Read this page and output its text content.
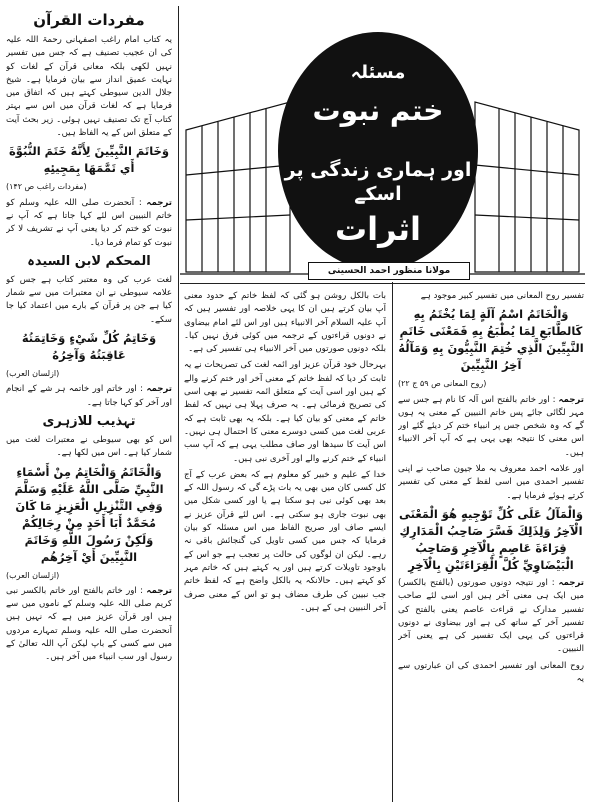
مفردات القرآن

یہ کتاب امام راغب اصفہانی رحمۃ اللہ علیہ کی ان عجیب تصنیف ہے کہ جس میں تفسیر نہیں لکھی بلکہ معانی قرآن کے لغات کو نہایت عمیق انداز سے بیان فرمایا ہے۔ شیخ جلال الدین سیوطی کہتے ہیں کہ اتفاق میں فرمایا ہے کہ لغات قرآن میں اس سے بہتر کتاب آج تک تصنیف نہیں ہوئی۔ زیر بحث آیت کے متعلق اس کے یہ الفاظ ہیں۔

وَخَاتَمَ النَّبِيِّينَ لِأَنَّهُ خَتَمَ النُّبُوَّةَ أَي تَمَّمَهَا بِمَجِيئِهِ
(مفردات راغب ص ۱۴۲)

ترجمہ : آنحضرت صلی اللہ علیہ وسلم کو خاتم النبیین اس لئے کہا جاتا ہے کہ آپ نے نبوت کو ختم کر دیا یعنی آپ نے تشریف لا کر نبوت کو تمام فرما دیا۔

المحکم لابن السیدہ

لغت عرب کی وہ معتبر کتاب ہے جس کو علامہ سیوطی نے ان معتبرات میں سے شمار کیا ہے جن پر قرآن کے بارے میں اعتماد کیا جا سکے۔

وَخَاتِمُ كُلِّ شَيْءٍ وَخَاتِمَتُهُ عَاقِبَتُهُ وَآخِرُهُ
(ازلسان العرب)

ترجمہ : اور خاتم اور خاتمہ ہر شے کے انجام اور آخر کو کہا جاتا ہے۔

تہذیب للازہری

اس کو بھی سیوطی نے معتبرات لغت میں شمار کیا ہے۔ اس میں لکھا ہے۔

وَالْخَاتَمُ وَالْخَاتِمُ مِنْ أَسْمَاءِ النَّبِيِّ صَلَّى اللَّهُ عَلَيْهِ وَسَلَّمَ وَفِي التَّنْزِيلِ الْعَزِيزِ مَا كَانَ مُحَمَّدٌ أَبَا أَحَدٍ مِنْ رِجَالِكُمْ وَلَكِنْ رَسُولَ اللَّهِ وَخَاتَمَ النَّبِيِّينَ أَيْ آخِرُهُم
(ازلسان العرب)

ترجمہ : اور خاتم بالفتح اور خاتم بالکسر نبی کریم صلی اللہ علیہ وسلم کے ناموں میں سے ہیں اور قرآن عزیز میں ہے کہ نہیں ہیں آنحضرت صلی اللہ علیہ وسلم تمہارے مردوں میں سے کسی کے باپ لیکن آپ اللہ تعالیٰ کے رسول اور سب انبیاء میں آخر ہیں۔

مسئلہ
ختم نبوت
اور ہماری زندگی پر اسکے
اثرات
مولانا منظور احمد الحسینی

بات بالکل روشن ہو گئی کہ لفظ خاتم کے حدود معنی آپ بیان کرتے ہیں ان کا یہی خلاصہ اور تفسیر ہیں کہ آپ علیہ السلام آخر الانبیاء ہیں اور اس لئے امام بیضاوی نے دونوں قراءتوں کے ترجمہ میں کوئی فرق نہیں کیا۔ بلکہ دونوں صورتوں میں آخر الانبیاء ہی تفسیر کی ہے۔

بہرحال خود قرآن عزیز اور ائمہ لغت کی تصریحات نے یہ ثابت کر دیا کہ لفظ خاتم کے معنی آخر اور ختم کرنے والے کے ہیں اور اسی آیت کے متعلق ائمہ تفسیر نے بھی اسی کی تصریح فرمائی ہے۔ یہ صرف پہلا ہی نہیں کہ لفظ خاتم کے معنی کو بیان کیا ہے۔ بلکہ یہ بھی ثابت ہے کہ عربی لغت میں کسی دوسرے معنی کا احتمال ہی نہیں۔ اس آیت کا سیدھا اور صاف مطلب یہی ہے کہ آپ سب انبیاء کے ختم کرنے والے اور آخری نبی ہیں۔

خدا کے علیم و خبیر کو معلوم ہے کہ بعض عرب کے آج کل کسی کان میں بھی یہ بات پڑے گی کہ رسول اللہ کے بعد بھی کوئی نبی ہو سکتا ہے یا اور کسی شکل میں بھی نبوت جاری ہو سکتی ہے۔ اس لئے قرآن عزیز نے ایسے صاف اور صریح الفاظ میں اس مسئلہ کو بیان فرمایا کہ جس میں کسی تاویل کی گنجائش باقی نہ رہے۔ لیکن ان لوگوں کی حالت پر تعجب ہے جو اس کے باوجود تاویلات کرتے ہیں اور یہ کہتے ہیں کہ خاتم مہر کو کہتے ہیں۔ حالانکہ یہ بالکل واضح ہے کہ لفظ خاتم جب نبیین کی طرف مضاف ہو تو اس کے معنی صرف آخر النبیین ہی کے ہیں۔

تفسیر روح المعانی میں تفسیر کبیر موجود ہے

وَالْخَاتَمُ اسْمُ آلَةٍ لِمَا يُخْتَمُ بِهِ كَالطَّابَعِ لِمَا يُطْبَعُ بِهِ فَمَعْنَى خَاتَمِ النَّبِيِّينَ الَّذِي خُتِمَ النَّبِيُّونَ بِهِ وَمَآلُهُ آخِرُ النَّبِيِّينَ
(روح المعانی ص ۵۹ ج ۲۲)

ترجمہ : اور خاتم بالفتح اس آلہ کا نام ہے جس سے مہر لگائی جائے پس خاتم النبیین کے معنی یہ ہوں گے کہ وہ شخص جس پر انبیاء ختم کر دیئے گئے اور اس معنی کا نتیجہ بھی یہی ہے کہ آپ آخر الانبیاء ہیں۔

اور علامہ احمد معروف بہ ملا جیون صاحب نے اپنی تفسیر احمدی میں اسی لفظ کے معنی کی تفسیر کرتے ہوئے فرمایا ہے۔

وَالْمَآلُ عَلَى كُلِّ تَوْجِيهٍ هُوَ الْمَعْنَى الْآخِرُ وَلِذَلِكَ فَسَّرَ صَاحِبُ الْمَدَارِكِ قِرَاءَةَ عَاصِمٍ بِالْآخِرِ وَصَاحِبُ الْبَيْضَاوِيِّ كُلَّ الْقِرَاءَتَيْنِ بِالْآخِرِ

ترجمہ : اور نتیجہ دونوں صورتوں (بالفتح بالکسر) میں ایک ہی معنی آخر ہیں اور اسی لئے صاحب تفسیر مدارک نے قراءت عاصم یعنی بالفتح کی تفسیر آخر کے ساتھ کی ہے اور بیضاوی نے دونوں قراءتوں کی یہی ایک تفسیر کی ہے یعنی آخر النبیین۔

روح المعانی اور تفسیر احمدی کی ان عبارتوں سے یہ
